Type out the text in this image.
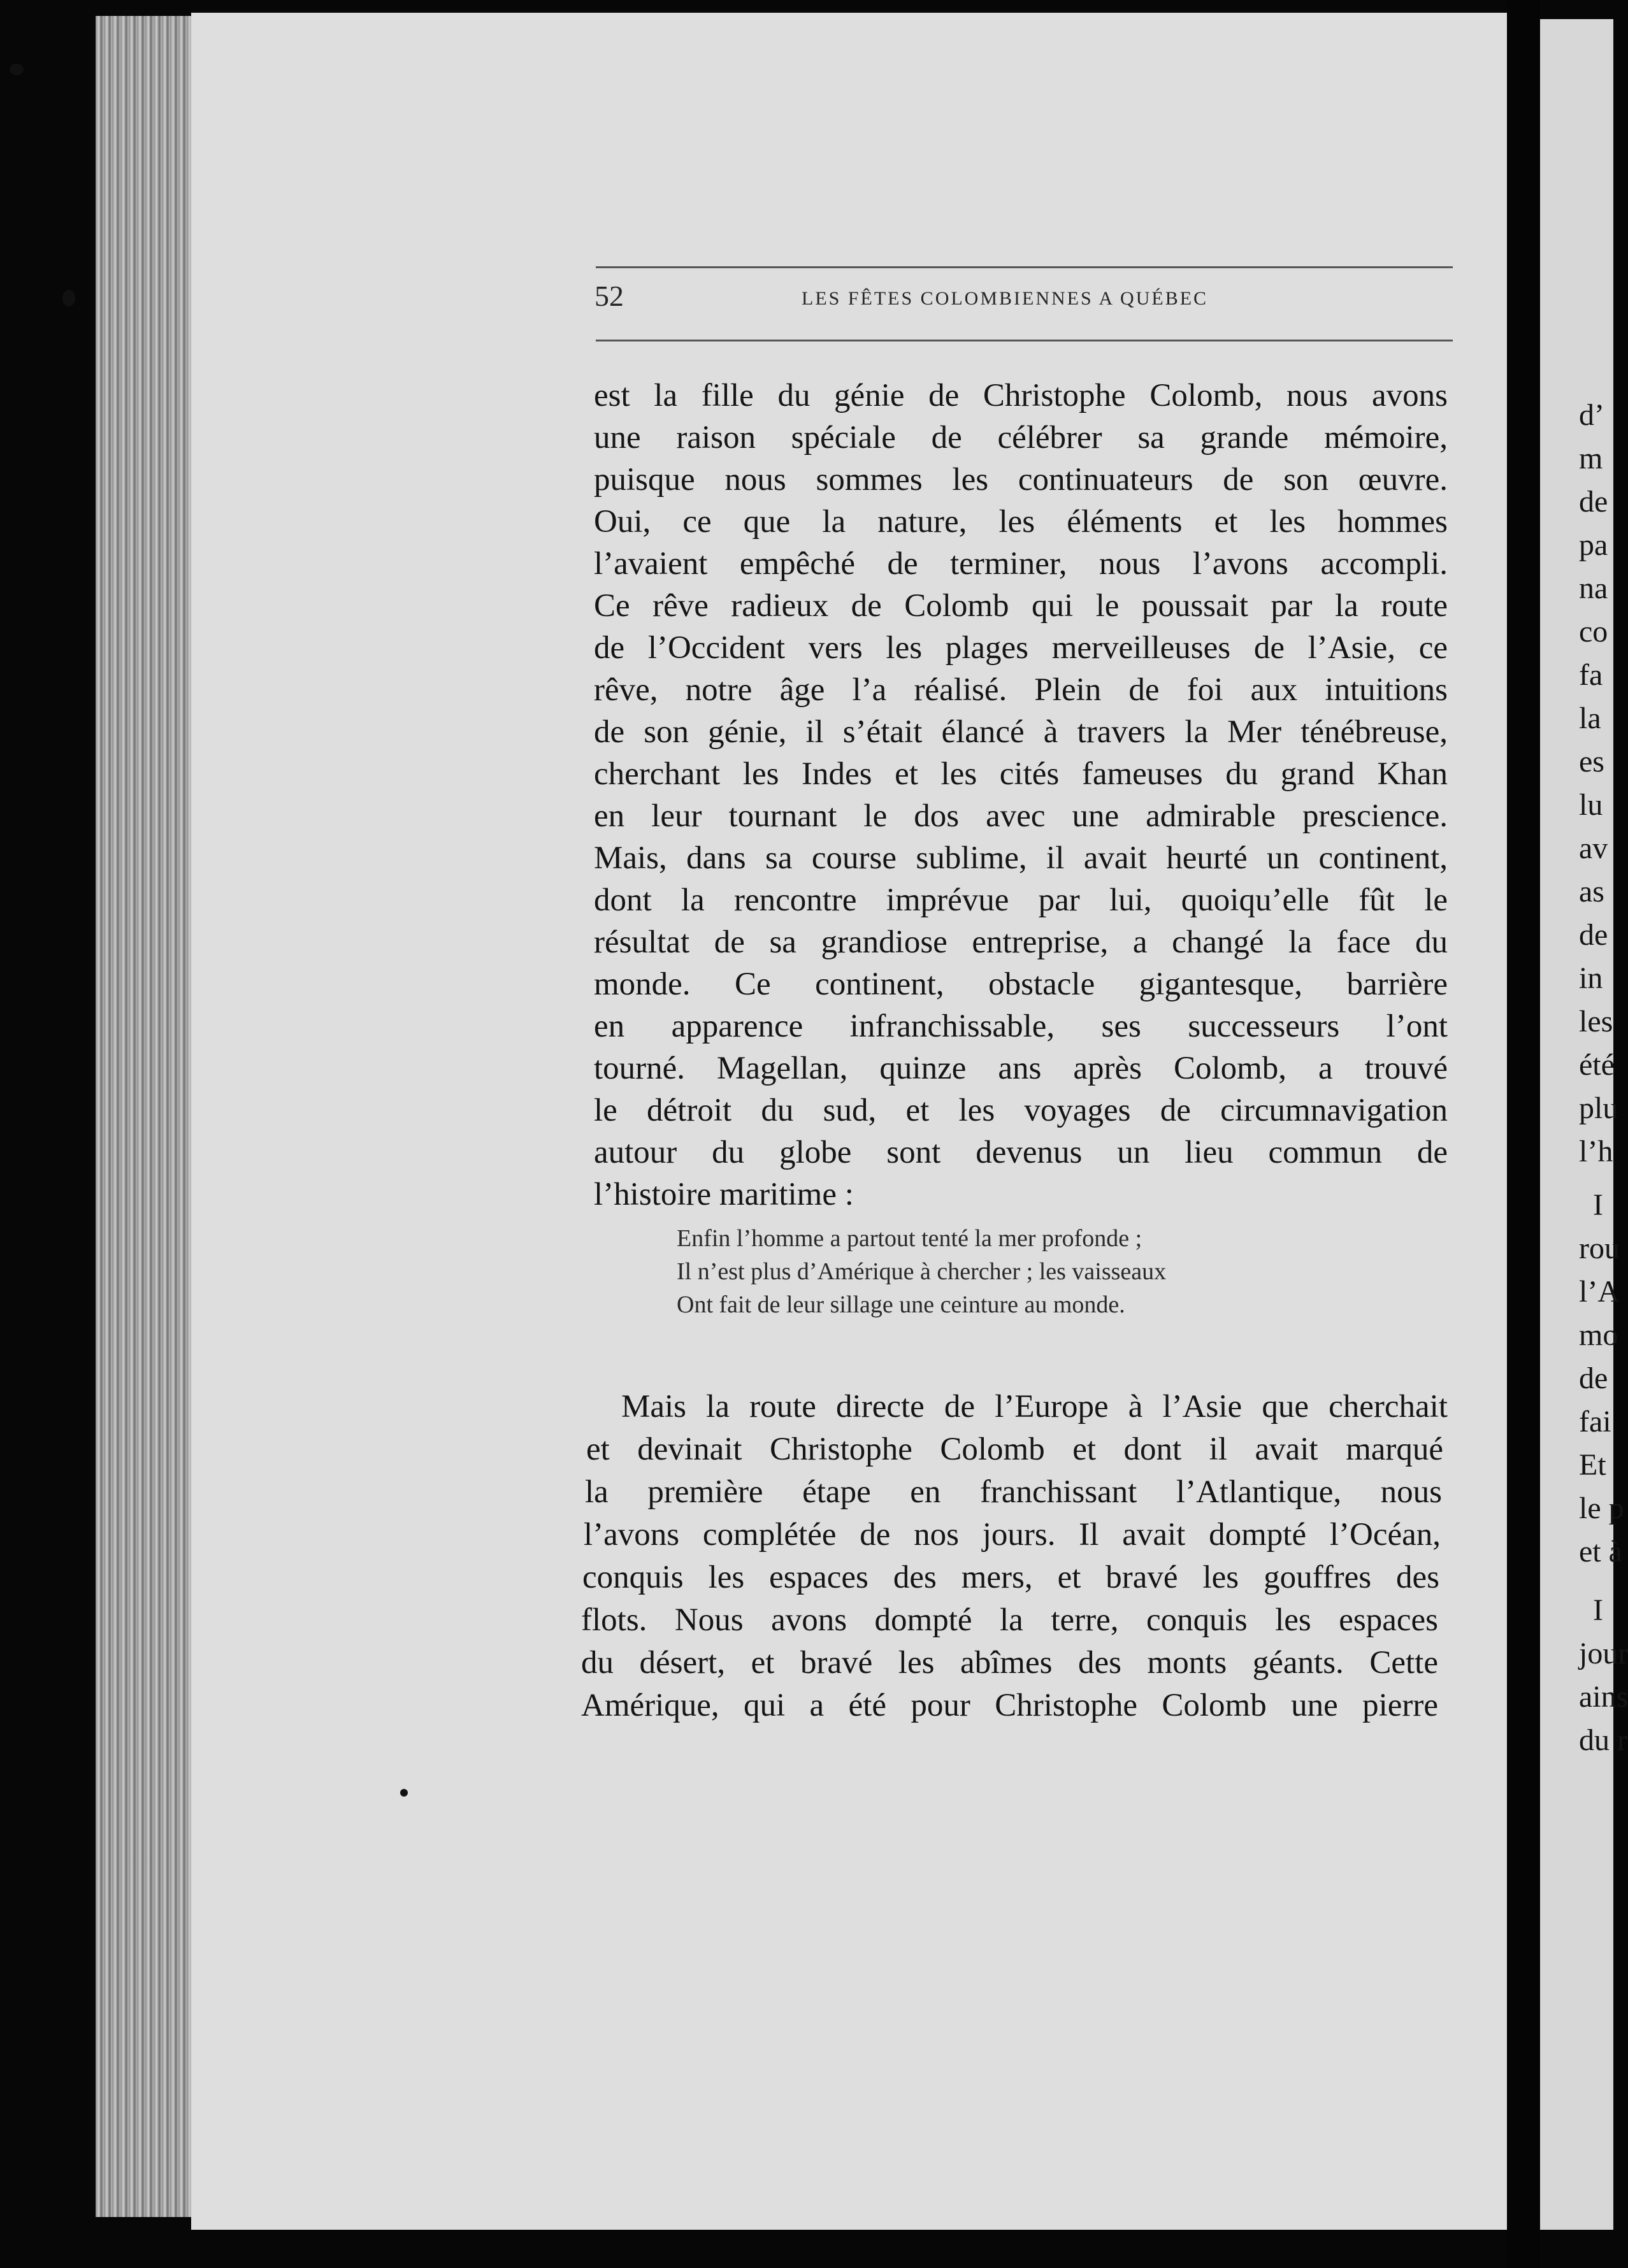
52	LES FÊTES COLOMBIENNES A QUÉBEC
est la fille du génie de Christophe Colomb, nous avons
une raison spéciale de célébrer sa grande mémoire,
puisque nous sommes les continuateurs de son œuvre.
Oui, ce que la nature, les éléments et les hommes
l’avaient empêché de terminer, nous l’avons accompli.
Ce rêve radieux de Colomb qui le poussait par la route
de l’Occident vers les plages merveilleuses de l’Asie, ce
rêve, notre âge l’a réalisé. Plein de foi aux intuitions
de son génie, il s’était élancé à travers la Mer ténébreuse,
cherchant les Indes et les cités fameuses du grand Khan
en leur tournant le dos avec une admirable prescience.
Mais, dans sa course sublime, il avait heurté un continent,
dont la rencontre imprévue par lui, quoiqu’elle fût le
résultat de sa grandiose entreprise, a changé la face du
monde. Ce continent, obstacle gigantesque, barrière
en apparence infranchissable, ses successeurs l’ont
tourné. Magellan, quinze ans après Colomb, a trouvé
le détroit du sud, et les voyages de circumnavigation
autour du globe sont devenus un lieu commun de
l’histoire maritime :
Enfin l’homme a partout tenté la mer profonde ;
Il n’est plus d’Amérique à chercher ; les vaisseaux
Ont fait de leur sillage une ceinture au monde.
Mais la route directe de l’Europe à l’Asie que cherchait
et devinait Christophe Colomb et dont il avait marqué
la première étape en franchissant l’Atlantique, nous
l’avons complétée de nos jours. Il avait dompté l’Océan,
conquis les espaces des mers, et bravé les gouffres des
flots. Nous avons dompté la terre, conquis les espaces
du désert, et bravé les abîmes des monts géants. Cette
Amérique, qui a été pour Christophe Colomb une pierre
d’
m
de
pa
na
co
fa
la
es
lu
av
as
de
in
les
été
plu
l’h
I
rou
l’A
mo
de
fai
Et
le p
et à
I
jour
ains
du r
